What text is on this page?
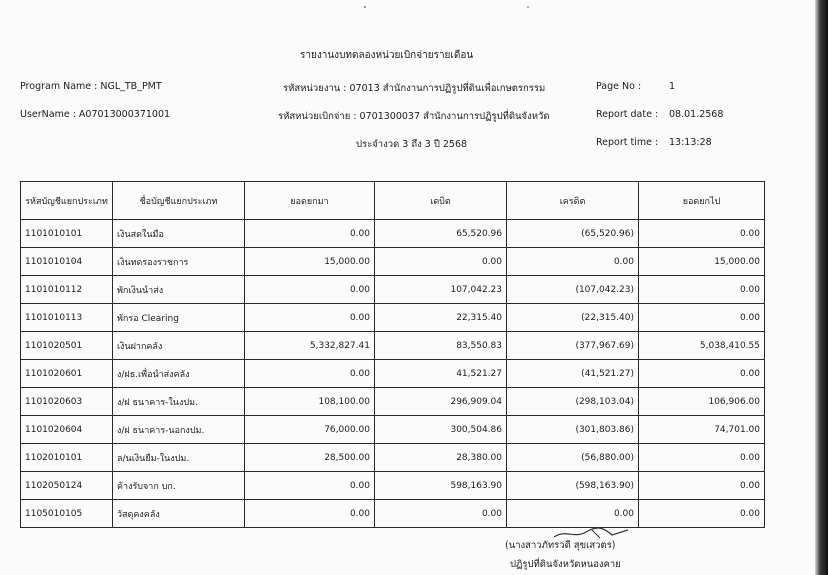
รายงานงบทดลองหน่วยเบิกจ่ายรายเดือน
Program Name : NGL_TB_PMT
UserName : A07013000371001
รหัสหน่วยงาน : 07013 สำนักงานการปฏิรูปที่ดินเพื่อเกษตรกรรม
รหัสหน่วยเบิกจ่าย : 0701300037 สำนักงานการปฏิรูปที่ดินจังหวัด
ประจำงวด 3 ถึง 3 ปี 2568
Page No :	1
Report date : 08.01.2568
Report time : 13:13:28
รหัสบัญชีแยกประเภท	ชื่อบัญชีแยกประเภท	ยอดยกมา	เดบิต	เครดิต	ยอดยกไป
1101010101	เงินสดในมือ	0.00	65,520.96	(65,520.96)	0.00
1101010104	เงินทดรองราชการ	15,000.00	0.00	0.00	15,000.00
1101010112	พักเงินนำส่ง	0.00	107,042.23	(107,042.23)	0.00
1101010113	พักรอ Clearing	0.00	22,315.40	(22,315.40)	0.00
1101020501	เงินฝากคลัง	5,332,827.41	83,550.83	(377,967.69)	5,038,410.55
1101020601	ง/ฝธ.เพื่อนำส่งคลัง	0.00	41,521.27	(41,521.27)	0.00
1101020603	ง/ฝ ธนาคาร-ในงปม.	108,100.00	296,909.04	(298,103.04)	106,906.00
1101020604	ง/ฝ ธนาคาร-นอกงปม.	76,000.00	300,504.86	(301,803.86)	74,701.00
1102010101	ล/นเงินยืม-ในงปม.	28,500.00	28,380.00	(56,880.00)	0.00
1102050124	ค้างรับจาก บก.	0.00	598,163.90	(598,163.90)	0.00
1105010105	วัสดุคงคลัง	0.00	0.00	0.00	0.00
(นางสาวภัทรวดี สุขเสวตร)
ปฏิรูปที่ดินจังหวัดหนองคาย
